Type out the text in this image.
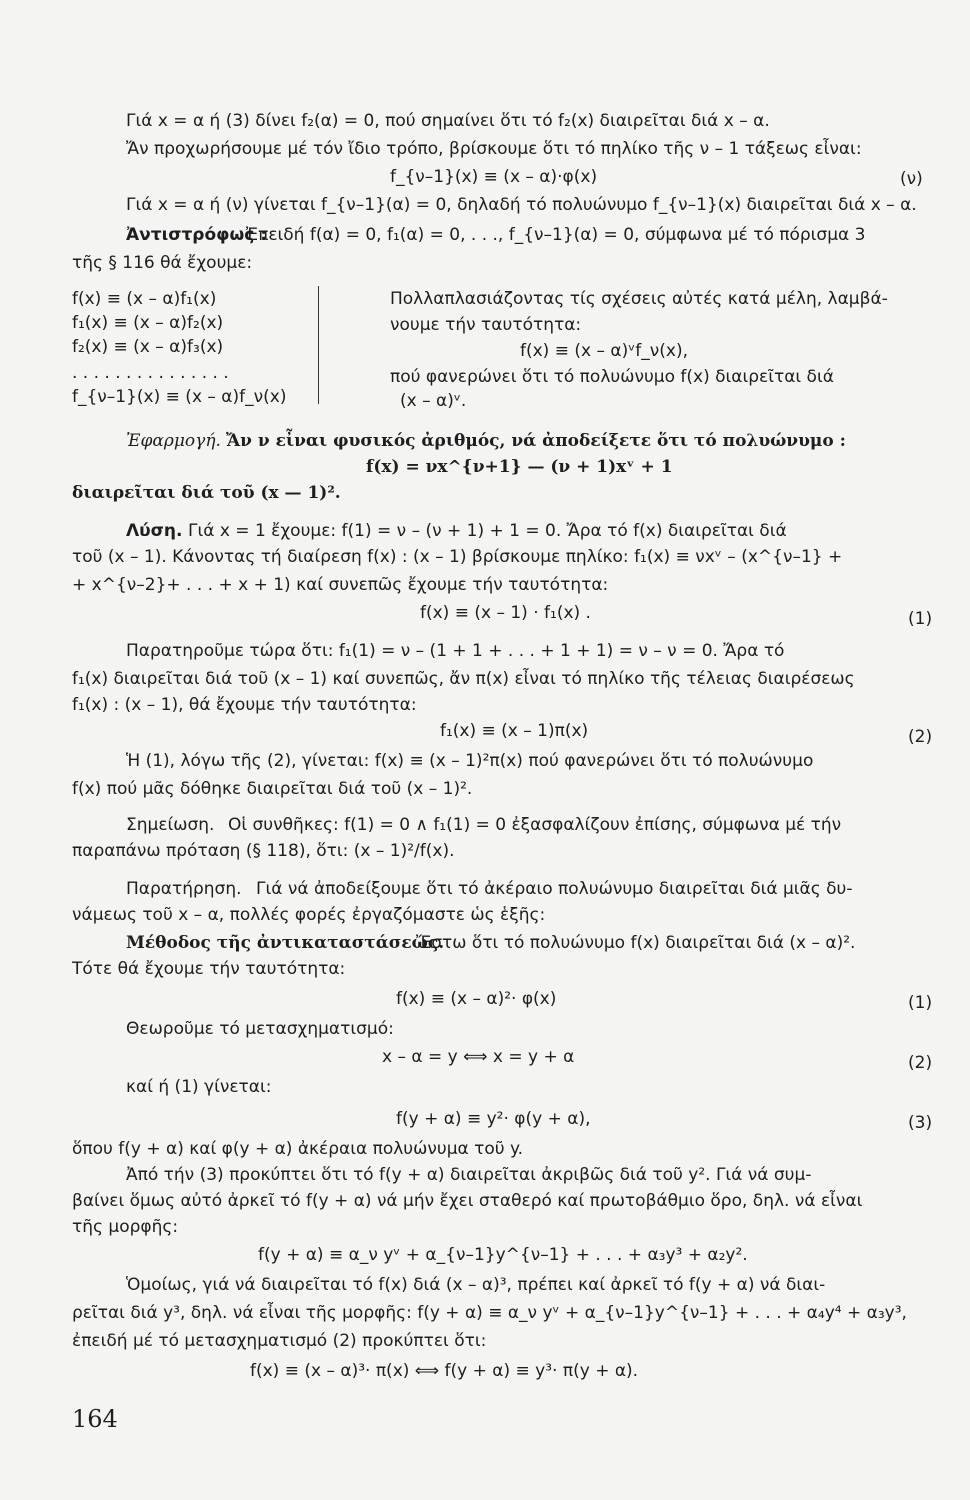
Γιά x = α ή (3) δίνει f₂(α) = 0, πού σημαίνει ὅτι τό f₂(x) διαιρεῖται διά x – α.
Ἄν προχωρήσουμε μέ τόν ἴδιο τρόπο, βρίσκουμε ὅτι τό πηλίκο τῆς ν – 1 τάξεως εἶναι:
f_{ν–1}(x) ≡ (x – α)·φ(x)	(ν)
Γιά x = α ή (ν) γίνεται f_{ν–1}(α) = 0, δηλαδή τό πολυώνυμο f_{ν–1}(x) διαιρεῖται διά x – α.
Ἀντιστρόφως :
Ἐπειδή f(α) = 0, f₁(α) = 0, . . ., f_{ν–1}(α) = 0, σύμφωνα μέ τό πόρισμα 3
τῆς § 116 θά ἔχουμε:
f(x) ≡ (x – α)f₁(x)
f₁(x) ≡ (x – α)f₂(x)
f₂(x) ≡ (x – α)f₃(x)
. . . . . . . . . . . . . . .
f_{ν–1}(x) ≡ (x – α)f_ν(x)
Πολλαπλασιάζοντας τίς σχέσεις αὐτές κατά μέλη, λαμβά-
νουμε τήν ταυτότητα:
f(x) ≡ (x – α)ᵛf_ν(x),
πού φανερώνει ὅτι τό πολυώνυμο f(x) διαιρεῖται διά
(x – α)ᵛ.
Ἐφαρμογή. Ἄν ν εἶναι φυσικός ἀριθμός, νά ἀποδείξετε ὅτι τό πολυώνυμο :
f(x) = νx^{ν+1} — (ν + 1)xᵛ + 1
διαιρεῖται διά τοῦ (x — 1)².
Λύση. Γιά x = 1 ἔχουμε: f(1) = ν – (ν + 1) + 1 = 0. Ἄρα τό f(x) διαιρεῖται διά
τοῦ (x – 1). Κάνοντας τή διαίρεση f(x) : (x – 1) βρίσκουμε πηλίκο: f₁(x) ≡ νxᵛ – (x^{ν–1} +
+ x^{ν–2}+ . . . + x + 1) καί συνεπῶς ἔχουμε τήν ταυτότητα:
f(x) ≡ (x – 1) · f₁(x) .	(1)
Παρατηροῦμε τώρα ὅτι: f₁(1) = ν – (1 + 1 + . . . + 1 + 1) = ν – ν = 0. Ἄρα τό
f₁(x) διαιρεῖται διά τοῦ (x – 1) καί συνεπῶς, ἄν π(x) εἶναι τό πηλίκο τῆς τέλειας διαιρέσεως
f₁(x) : (x – 1), θά ἔχουμε τήν ταυτότητα:
f₁(x) ≡ (x – 1)π(x)	(2)
Ἡ (1), λόγω τῆς (2), γίνεται: f(x) ≡ (x – 1)²π(x) πού φανερώνει ὅτι τό πολυώνυμο
f(x) πού μᾶς δόθηκε διαιρεῖται διά τοῦ (x – 1)².
Σημείωση. Οἱ συνθῆκες: f(1) = 0 ∧ f₁(1) = 0 ἐξασφαλίζουν ἐπίσης, σύμφωνα μέ τήν
παραπάνω πρόταση (§ 118), ὅτι: (x – 1)²/f(x).
Παρατήρηση. Γιά νά ἀποδείξουμε ὅτι τό ἀκέραιο πολυώνυμο διαιρεῖται διά μιᾶς δυ-
νάμεως τοῦ x – α, πολλές φορές ἐργαζόμαστε ὡς ἑξῆς:
Μέθοδος τῆς ἀντικαταστάσεως.
Ἔστω ὅτι τό πολυώνυμο f(x) διαιρεῖται διά (x – α)².
Τότε θά ἔχουμε τήν ταυτότητα:
f(x) ≡ (x – α)²· φ(x)	(1)
Θεωροῦμε τό μετασχηματισμό:
x – α = y ⟺ x = y + α	(2)
καί ή (1) γίνεται:
f(y + α) ≡ y²· φ(y + α),	(3)
ὅπου f(y + α) καί φ(y + α) ἀκέραια πολυώνυμα τοῦ y.
Ἀπό τήν (3) προκύπτει ὅτι τό f(y + α) διαιρεῖται ἀκριβῶς διά τοῦ y². Γιά νά συμ-
βαίνει ὅμως αὐτό ἀρκεῖ τό f(y + α) νά μήν ἔχει σταθερό καί πρωτοβάθμιο ὅρο, δηλ. νά εἶναι
τῆς μορφῆς:
f(y + α) ≡ α_ν yᵛ + α_{ν–1}y^{ν–1} + . . . + α₃y³ + α₂y².
Ὁμοίως, γιά νά διαιρεῖται τό f(x) διά (x – α)³, πρέπει καί ἀρκεῖ τό f(y + α) νά διαι-
ρεῖται διά y³, δηλ. νά εἶναι τῆς μορφῆς: f(y + α) ≡ α_ν yᵛ + α_{ν–1}y^{ν–1} + . . . + α₄y⁴ + α₃y³,
ἐπειδή μέ τό μετασχηματισμό (2) προκύπτει ὅτι:
f(x) ≡ (x – α)³· π(x) ⟺ f(y + α) ≡ y³· π(y + α).
164
